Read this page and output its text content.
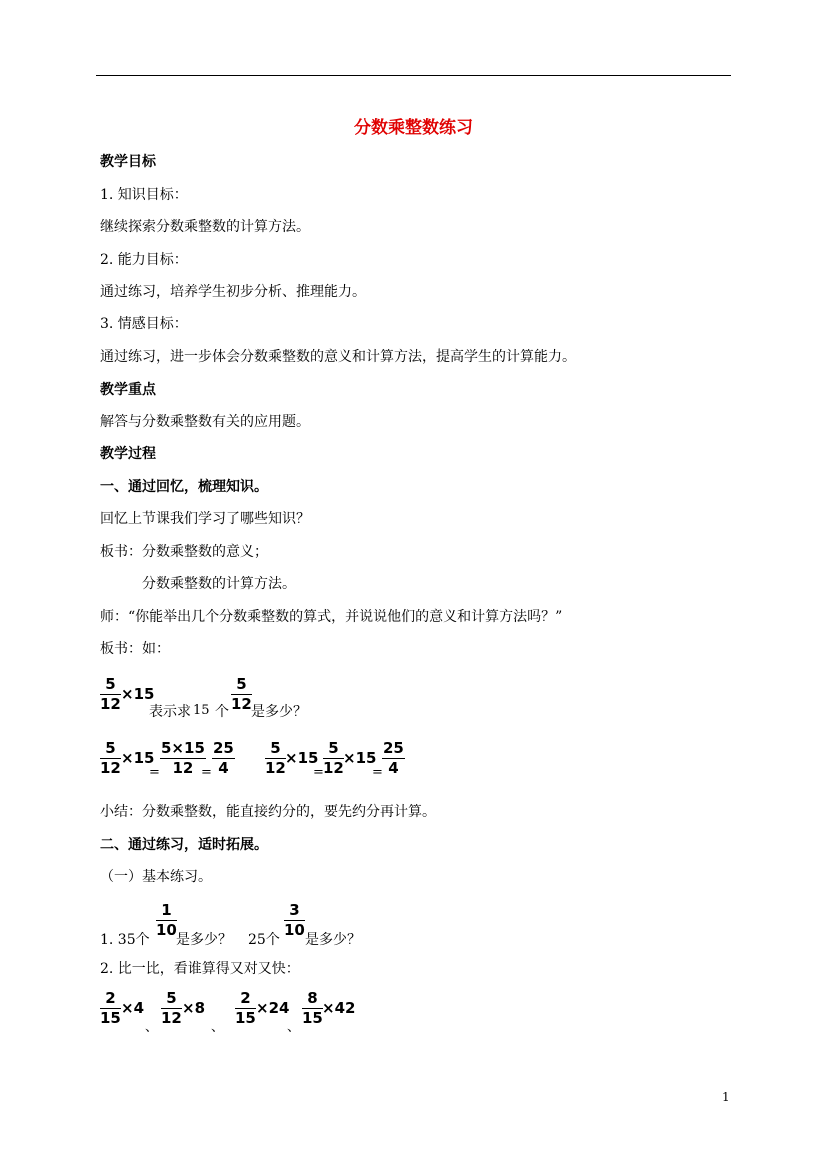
分数乘整数练习
教学目标
1. 知识目标：
继续探索分数乘整数的计算方法。
2. 能力目标：
通过练习，培养学生初步分析、推理能力。
3. 情感目标：
通过练习，进一步体会分数乘整数的意义和计算方法，提高学生的计算能力。
教学重点
解答与分数乘整数有关的应用题。
教学过程
一、通过回忆，梳理知识。
回忆上节课我们学习了哪些知识？
板书：分数乘整数的意义；
分数乘整数的计算方法。
师：“你能举出几个分数乘整数的算式，并说说他们的意义和计算方法吗？”
板书：如：
5
12
×15
表示求 15 个
5
12 是多少？
5
12
×15
=
5×15
12 =
25
4
5
12
×15
=
5
12
×15
=
25
4
小结：分数乘整数，能直接约分的，要先约分再计算。
二、通过练习，适时拓展。
（一）基本练习。
1. 35个
1
10
是多少？ 25个
3
10
是多少？
2. 比一比，看谁算得又对又快：
2
15
×4
、
5
12
×8
、
2
15
×24
、
8
15
×42
1
